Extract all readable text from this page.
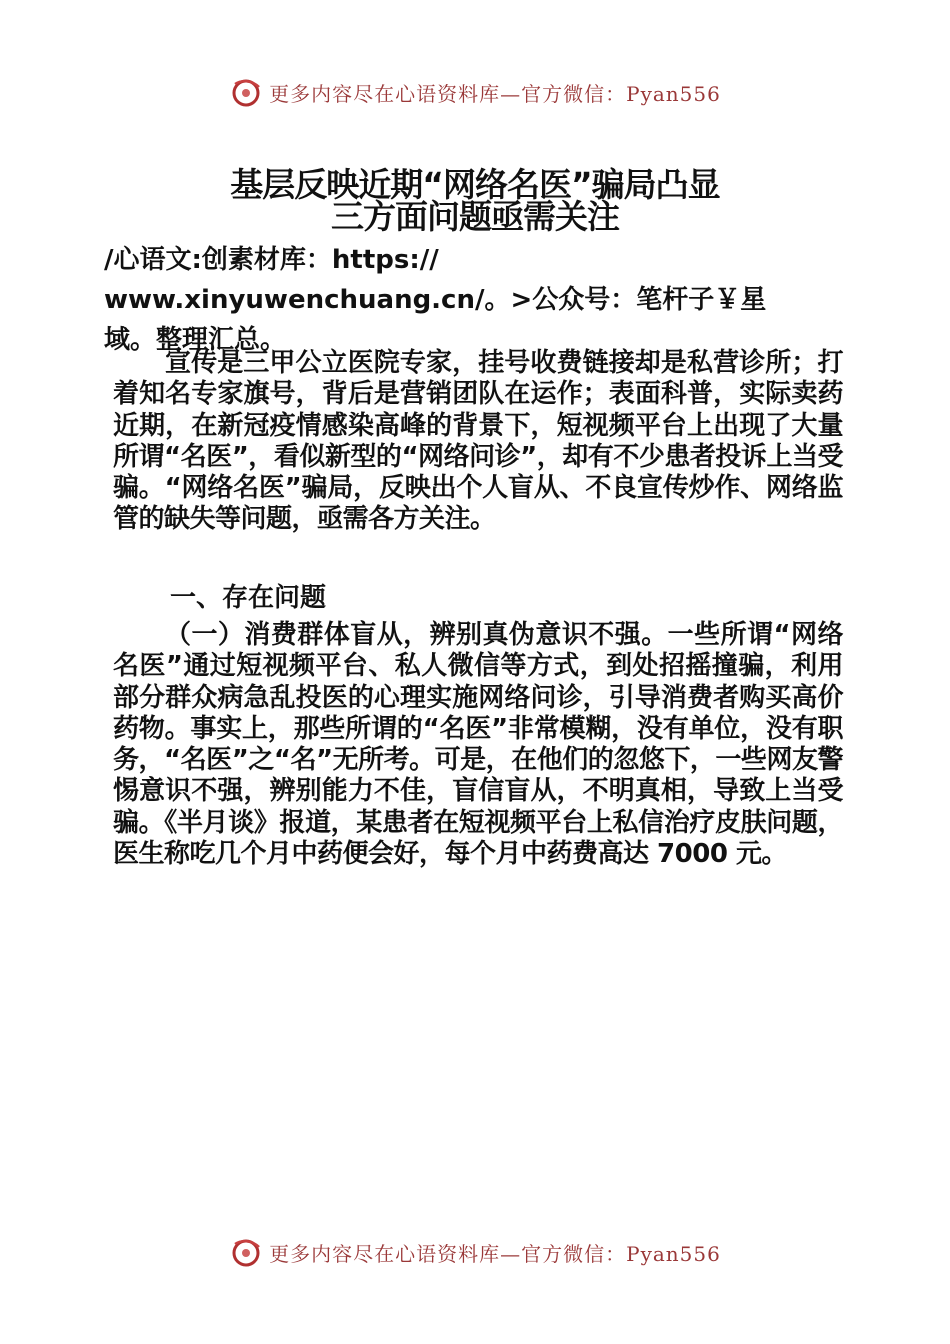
更多内容尽在心语资料库—官方微信：Pyan556
基层反映近期“网络名医”骗局凸显
三方面问题亟需关注
/心语文:创素材库：https://
www.xinyuwenchuang.cn/。>公众号：笔杆子￥星
域。整理汇总。

宣传是三甲公立医院专家，挂号收费链接却是私营诊所；打着知名专家旗号，背后是营销团队在运作；表面科普，实际卖药 近期，在新冠疫情感染高峰的背景下，短视频平台上出现了大量所谓“名医”，看似新型的“网络问诊”，却有不少患者投诉上当受骗。“网络名医”骗局，反映出个人盲从、不良宣传炒作、网络监管的缺失等问题，亟需各方关注。

一、存在问题

（一）消费群体盲从，辨别真伪意识不强。一些所谓“网络名医”通过短视频平台、私人微信等方式，到处招摇撞骗，利用部分群众病急乱投医的心理实施网络问诊，引导消费者购买高价药物。事实上，那些所谓的“名医”非常模糊，没有单位，没有职务，“名医”之“名”无所考。可是，在他们的忽悠下，一些网友警惕意识不强，辨别能力不佳，盲信盲从，不明真相，导致上当受骗。《半月谈》报道，某患者在短视频平台上私信治疗皮肤问题，医生称吃几个月中药便会好，每个月中药费高达 7000 元。

更多内容尽在心语资料库—官方微信：Pyan556
